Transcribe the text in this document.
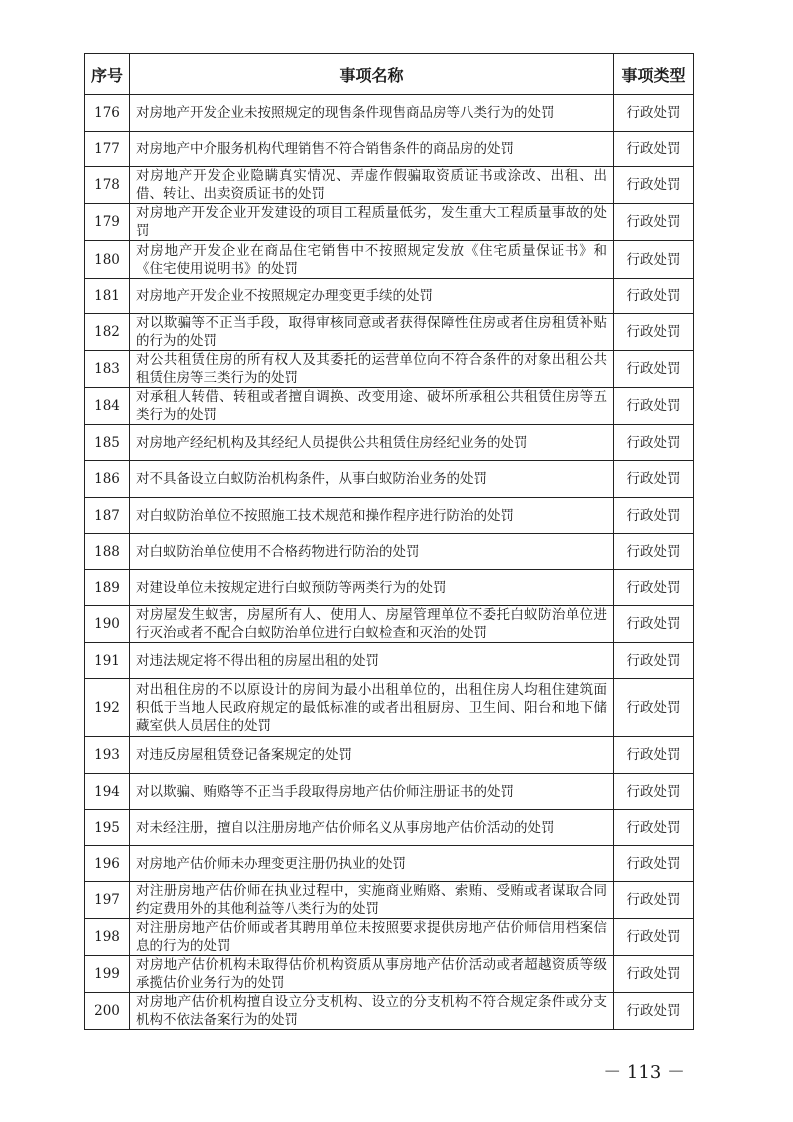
序号	事项名称	事项类型
176	对房地产开发企业未按照规定的现售条件现售商品房等八类行为的处罚	行政处罚
177	对房地产中介服务机构代理销售不符合销售条件的商品房的处罚	行政处罚
178	对房地产开发企业隐瞒真实情况、弄虚作假骗取资质证书或涂改、出租、出借、转让、出卖资质证书的处罚	行政处罚
179	对房地产开发企业开发建设的项目工程质量低劣，发生重大工程质量事故的处罚	行政处罚
180	对房地产开发企业在商品住宅销售中不按照规定发放《住宅质量保证书》和《住宅使用说明书》的处罚	行政处罚
181	对房地产开发企业不按照规定办理变更手续的处罚	行政处罚
182	对以欺骗等不正当手段，取得审核同意或者获得保障性住房或者住房租赁补贴的行为的处罚	行政处罚
183	对公共租赁住房的所有权人及其委托的运营单位向不符合条件的对象出租公共租赁住房等三类行为的处罚	行政处罚
184	对承租人转借、转租或者擅自调换、改变用途、破坏所承租公共租赁住房等五类行为的处罚	行政处罚
185	对房地产经纪机构及其经纪人员提供公共租赁住房经纪业务的处罚	行政处罚
186	对不具备设立白蚁防治机构条件，从事白蚁防治业务的处罚	行政处罚
187	对白蚁防治单位不按照施工技术规范和操作程序进行防治的处罚	行政处罚
188	对白蚁防治单位使用不合格药物进行防治的处罚	行政处罚
189	对建设单位未按规定进行白蚁预防等两类行为的处罚	行政处罚
190	对房屋发生蚁害，房屋所有人、使用人、房屋管理单位不委托白蚁防治单位进行灭治或者不配合白蚁防治单位进行白蚁检查和灭治的处罚	行政处罚
191	对违法规定将不得出租的房屋出租的处罚	行政处罚
192	对出租住房的不以原设计的房间为最小出租单位的，出租住房人均租住建筑面积低于当地人民政府规定的最低标准的或者出租厨房、卫生间、阳台和地下储藏室供人员居住的处罚	行政处罚
193	对违反房屋租赁登记备案规定的处罚	行政处罚
194	对以欺骗、贿赂等不正当手段取得房地产估价师注册证书的处罚	行政处罚
195	对未经注册，擅自以注册房地产估价师名义从事房地产估价活动的处罚	行政处罚
196	对房地产估价师未办理变更注册仍执业的处罚	行政处罚
197	对注册房地产估价师在执业过程中，实施商业贿赂、索贿、受贿或者谋取合同约定费用外的其他利益等八类行为的处罚	行政处罚
198	对注册房地产估价师或者其聘用单位未按照要求提供房地产估价师信用档案信息的行为的处罚	行政处罚
199	对房地产估价机构未取得估价机构资质从事房地产估价活动或者超越资质等级承揽估价业务行为的处罚	行政处罚
200	对房地产估价机构擅自设立分支机构、设立的分支机构不符合规定条件或分支机构不依法备案行为的处罚	行政处罚
－ 113 －
